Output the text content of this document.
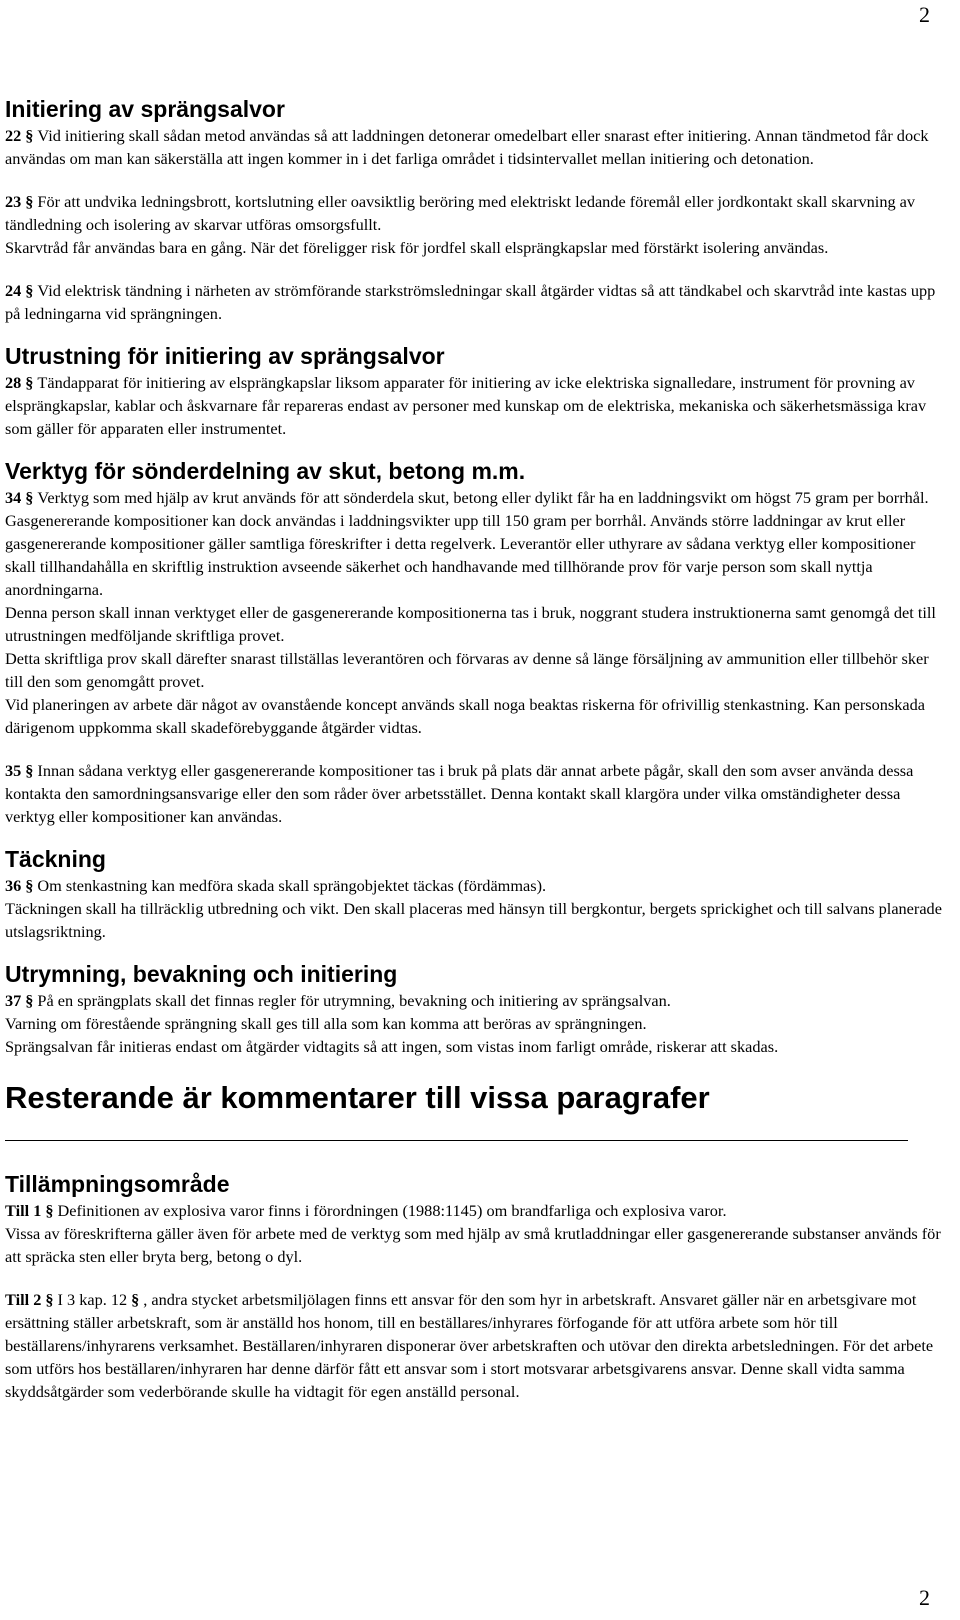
2
Initiering av sprängsalvor

22 § Vid initiering skall sådan metod användas så att laddningen detonerar omedelbart eller snarast efter initiering. Annan tändmetod får dock användas om man kan säkerställa att ingen kommer in i det farliga området i tidsintervallet mellan initiering och detonation.

23 § För att undvika ledningsbrott, kortslutning eller oavsiktlig beröring med elektriskt ledande föremål eller jordkontakt skall skarvning av tändledning och isolering av skarvar utföras omsorgsfullt.

Skarvtråd får användas bara en gång. När det föreligger risk för jordfel skall elsprängkapslar med förstärkt isolering användas.

24 § Vid elektrisk tändning i närheten av strömförande starkströmsledningar skall åtgärder vidtas så att tändkabel och skarvtråd inte kastas upp på ledningarna vid sprängningen.

Utrustning för initiering av sprängsalvor

28 § Tändapparat för initiering av elsprängkapslar liksom apparater för initiering av icke elektriska signalledare, instrument för provning av elsprängkapslar, kablar och åskvarnare får repareras endast av personer med kunskap om de elektriska, mekaniska och säkerhetsmässiga krav som gäller för apparaten eller instrumentet.

Verktyg för sönderdelning av skut, betong m.m.

34 § Verktyg som med hjälp av krut används för att sönderdela skut, betong eller dylikt får ha en laddningsvikt om högst 75 gram per borrhål. Gasgenererande kompositioner kan dock användas i laddningsvikter upp till 150 gram per borrhål. Används större laddningar av krut eller gasgenererande kompositioner gäller samtliga föreskrifter i detta regelverk. Leverantör eller uthyrare av sådana verktyg eller kompositioner skall tillhandahålla en skriftlig instruktion avseende säkerhet och handhavande med tillhörande prov för varje person som skall nyttja anordningarna.

Denna person skall innan verktyget eller de gasgenererande kompositionerna tas i bruk, noggrant studera instruktionerna samt genomgå det till utrustningen medföljande skriftliga provet.

Detta skriftliga prov skall därefter snarast tillställas leverantören och förvaras av denne så länge försäljning av ammunition eller tillbehör sker till den som genomgått provet.

Vid planeringen av arbete där något av ovanstående koncept används skall noga beaktas riskerna för ofrivillig stenkastning. Kan personskada därigenom uppkomma skall skadeförebyggande åtgärder vidtas.

35 § Innan sådana verktyg eller gasgenererande kompositioner tas i bruk på plats där annat arbete pågår, skall den som avser använda dessa kontakta den samordningsansvarige eller den som råder över arbetsstället. Denna kontakt skall klargöra under vilka omständigheter dessa verktyg eller kompositioner kan användas.

Täckning

36 § Om stenkastning kan medföra skada skall sprängobjektet täckas (fördämmas).

Täckningen skall ha tillräcklig utbredning och vikt. Den skall placeras med hänsyn till bergkontur, bergets sprickighet och till salvans planerade utslagsriktning.

Utrymning, bevakning och initiering

37 § På en sprängplats skall det finnas regler för utrymning, bevakning och initiering av sprängsalvan.

Varning om förestående sprängning skall ges till alla som kan komma att beröras av sprängningen.

Sprängsalvan får initieras endast om åtgärder vidtagits så att ingen, som vistas inom farligt område, riskerar att skadas.

Resterande är kommentarer till vissa paragrafer
Tillämpningsområde

Till 1 § Definitionen av explosiva varor finns i förordningen (1988:1145) om brandfarliga och explosiva varor.

Vissa av föreskrifterna gäller även för arbete med de verktyg som med hjälp av små krutladdningar eller gasgenererande substanser används för att spräcka sten eller bryta berg, betong o dyl.

Till 2 § I 3 kap. 12 § , andra stycket arbetsmiljölagen finns ett ansvar för den som hyr in arbetskraft. Ansvaret gäller när en arbetsgivare mot ersättning ställer arbetskraft, som är anställd hos honom, till en beställares/inhyrares förfogande för att utföra arbete som hör till beställarens/inhyrarens verksamhet. Beställaren/inhyraren disponerar över arbetskraften och utövar den direkta arbetsledningen. För det arbete som utförs hos beställaren/inhyraren har denne därför fått ett ansvar som i stort motsvarar arbetsgivarens ansvar. Denne skall vidta samma skyddsåtgärder som vederbörande skulle ha vidtagit för egen anställd personal.

2
